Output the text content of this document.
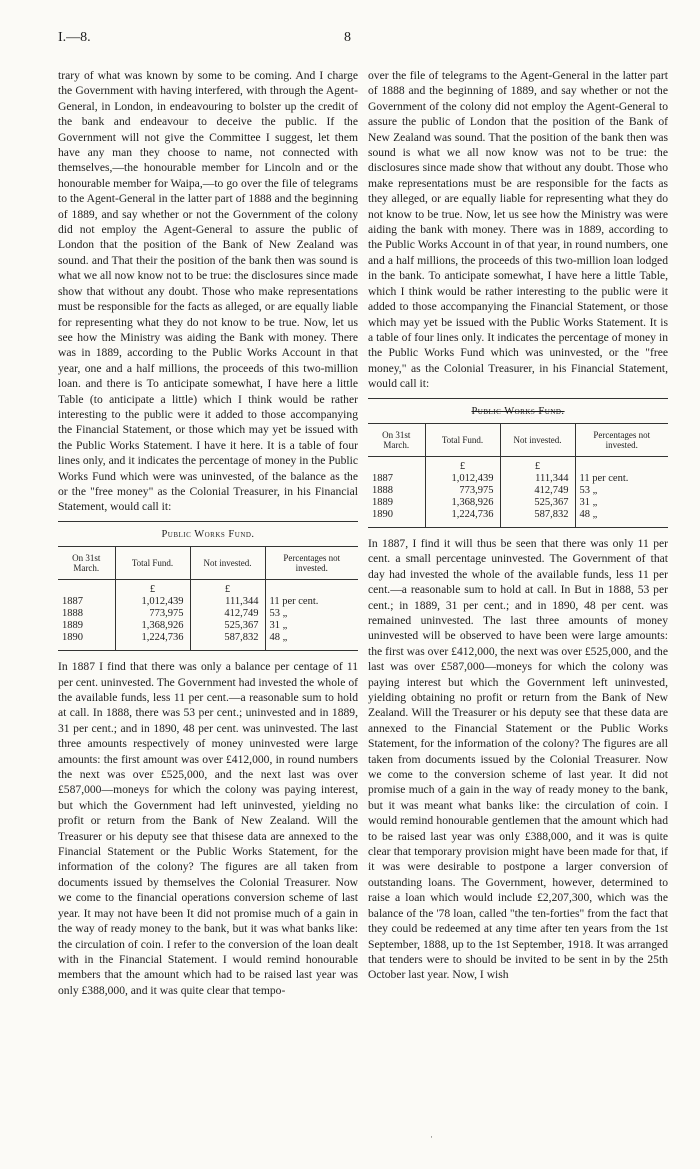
I.—8.	8

trary of what was known by some to be coming. And I charge the Government with having interfered, with through the Agent-General, in London, in endeavouring to bolster up the credit of the bank and endeavour to deceive the public. If the Government will not give the Committee I suggest, let them have any man they choose to name, not connected with themselves,—the honourable member for Lincoln and or the honourable member for Waipa,—to go over the file of telegrams to the Agent-General in the latter part of 1888 and the beginning of 1889, and say whether or not the Government of the colony did not employ the Agent-General to assure the public of London that the position of the Bank of New Zealand was sound. and That their the position of the bank then was sound is what we all now know not to be true: the disclosures since made show that without any doubt. Those who make representations must be responsible for the facts as alleged, or are equally liable for representing what they do not know to be true. Now, let us see how the Ministry was aiding the Bank with money. There was in 1889, according to the Public Works Account in that year, one and a half millions, the proceeds of this two-million loan. and there is To anticipate somewhat, I have here a little Table (to anticipate a little) which I think would be rather interesting to the public were it added to those accompanying the Financial Statement, or those which may yet be issued with the Public Works Statement. I have it here. It is a table of four lines only, and it indicates the percentage of money in the Public Works Fund which were was uninvested, of the balance as the or the "free money" as the Colonial Treasurer, in his Financial Statement, would call it:

Public Works Fund.
On 31st March.	Total Fund.	Not invested.	Percentages not invested.
	£	£	
1887	1,012,439	111,344	11 per cent.
1888	773,975	412,749	53 „
1889	1,368,926	525,367	31 „
1890	1,224,736	587,832	48 „

In 1887 I find that there was only a balance per centage of 11 per cent. uninvested. The Government had invested the whole of the available funds, less 11 per cent.—a reasonable sum to hold at call. In 1888, there was 53 per cent.; uninvested and in 1889, 31 per cent.; and in 1890, 48 per cent. was uninvested. The last three amounts respectively of money uninvested were large amounts: the first amount was over £412,000, in round numbers the next was over £525,000, and the next last was over £587,000—moneys for which the colony was paying interest, but which the Government had left uninvested, yielding no profit or return from the Bank of New Zealand. Will the Treasurer or his deputy see that thisese data are annexed to the Financial Statement or the Public Works Statement, for the information of the colony? The figures are all taken from documents issued by themselves the Colonial Treasurer. Now we come to the financial operations conversion scheme of last year. It may not have been It did not promise much of a gain in the way of ready money to the bank, but it was what banks like: the circulation of coin. I refer to the conversion of the loan dealt with in the Financial Statement. I would remind honourable members that the amount which had to be raised last year was only £388,000, and it was quite clear that tempo-

over the file of telegrams to the Agent-General in the latter part of 1888 and the beginning of 1889, and say whether or not the Government of the colony did not employ the Agent-General to assure the public of London that the position of the Bank of New Zealand was sound. That the position of the bank then was sound is what we all now know was not to be true: the disclosures since made show that without any doubt. Those who make representations must be are responsible for the facts as they alleged, or are equally liable for representing what they do not know to be true. Now, let us see how the Ministry was were aiding the bank with money. There was in 1889, according to the Public Works Account in of that year, in round numbers, one and a half millions, the proceeds of this two-million loan lodged in the bank. To anticipate somewhat, I have here a little Table, which I think would be rather interesting to the public were it added to those accompanying the Financial Statement, or those which may yet be issued with the Public Works Statement. It is a table of four lines only. It indicates the percentage of money in the Public Works Fund which was uninvested, or the "free money," as the Colonial Treasurer, in his Financial Statement, would call it:

Public Works Fund.
On 31st March.	Total Fund.	Not invested.	Percentages not invested.
	£	£	
1887	1,012,439	111,344	11 per cent.
1888	773,975	412,749	53 „
1889	1,368,926	525,367	31 „
1890	1,224,736	587,832	48 „

In 1887, I find it will thus be seen that there was only 11 per cent. a small percentage uninvested. The Government of that day had invested the whole of the available funds, less 11 per cent.—a reasonable sum to hold at call. In But in 1888, 53 per cent.; in 1889, 31 per cent.; and in 1890, 48 per cent. was remained uninvested. The last three amounts of money uninvested will be observed to have been were large amounts: the first was over £412,000, the next was over £525,000, and the last was over £587,000—moneys for which the colony was paying interest but which the Government left uninvested, yielding obtaining no profit or return from the Bank of New Zealand. Will the Treasurer or his deputy see that these data are annexed to the Financial Statement or the Public Works Statement, for the information of the colony? The figures are all taken from documents issued by the Colonial Treasurer. Now we come to the conversion scheme of last year. It did not promise much of a gain in the way of ready money to the bank, but it was meant what banks like: the circulation of coin. I would remind honourable gentlemen that the amount which had to be raised last year was only £388,000, and it was is quite clear that temporary provision might have been made for that, if it was were desirable to postpone a larger conversion of outstanding loans. The Government, however, determined to raise a loan which would include £2,207,300, which was the balance of the '78 loan, called "the ten-forties" from the fact that they could be redeemed at any time after ten years from the 1st September, 1888, up to the 1st September, 1918. It was arranged that tenders were to should be invited to be sent in by the 25th October last year. Now, I wish

·
